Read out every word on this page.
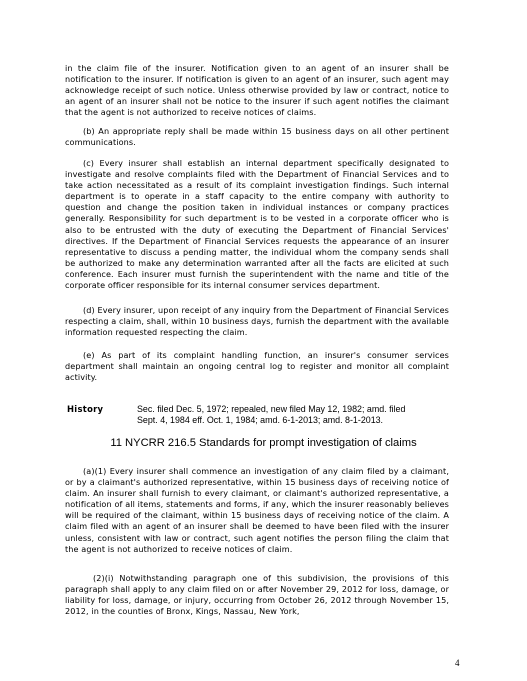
in the claim file of the insurer. Notification given to an agent of an insurer shall be notification to the insurer. If notification is given to an agent of an insurer, such agent may acknowledge receipt of such notice. Unless otherwise provided by law or contract, notice to an agent of an insurer shall not be notice to the insurer if such agent notifies the claimant that the agent is not authorized to receive notices of claims.
(b) An appropriate reply shall be made within 15 business days on all other pertinent communications.
(c) Every insurer shall establish an internal department specifically designated to investigate and resolve complaints filed with the Department of Financial Services and to take action necessitated as a result of its complaint investigation findings. Such internal department is to operate in a staff capacity to the entire company with authority to question and change the position taken in individual instances or company practices generally. Responsibility for such department is to be vested in a corporate officer who is also to be entrusted with the duty of executing the Department of Financial Services' directives. If the Department of Financial Services requests the appearance of an insurer representative to discuss a pending matter, the individual whom the company sends shall be authorized to make any determination warranted after all the facts are elicited at such conference. Each insurer must furnish the superintendent with the name and title of the corporate officer responsible for its internal consumer services department.
(d) Every insurer, upon receipt of any inquiry from the Department of Financial Services respecting a claim, shall, within 10 business days, furnish the department with the available information requested respecting the claim.
(e) As part of its complaint handling function, an insurer's consumer services department shall maintain an ongoing central log to register and monitor all complaint activity.
History	Sec. filed Dec. 5, 1972; repealed, new filed May 12, 1982; amd. filed Sept. 4, 1984 eff. Oct. 1, 1984; amd. 6-1-2013; amd. 8-1-2013.
11 NYCRR 216.5 Standards for prompt investigation of claims
(a)(1) Every insurer shall commence an investigation of any claim filed by a claimant, or by a claimant's authorized representative, within 15 business days of receiving notice of claim. An insurer shall furnish to every claimant, or claimant's authorized representative, a notification of all items, statements and forms, if any, which the insurer reasonably believes will be required of the claimant, within 15 business days of receiving notice of the claim. A claim filed with an agent of an insurer shall be deemed to have been filed with the insurer unless, consistent with law or contract, such agent notifies the person filing the claim that the agent is not authorized to receive notices of claim.
(2)(i) Notwithstanding paragraph one of this subdivision, the provisions of this paragraph shall apply to any claim filed on or after November 29, 2012 for loss, damage, or liability for loss, damage, or injury, occurring from October 26, 2012 through November 15, 2012, in the counties of Bronx, Kings, Nassau, New York,
4
